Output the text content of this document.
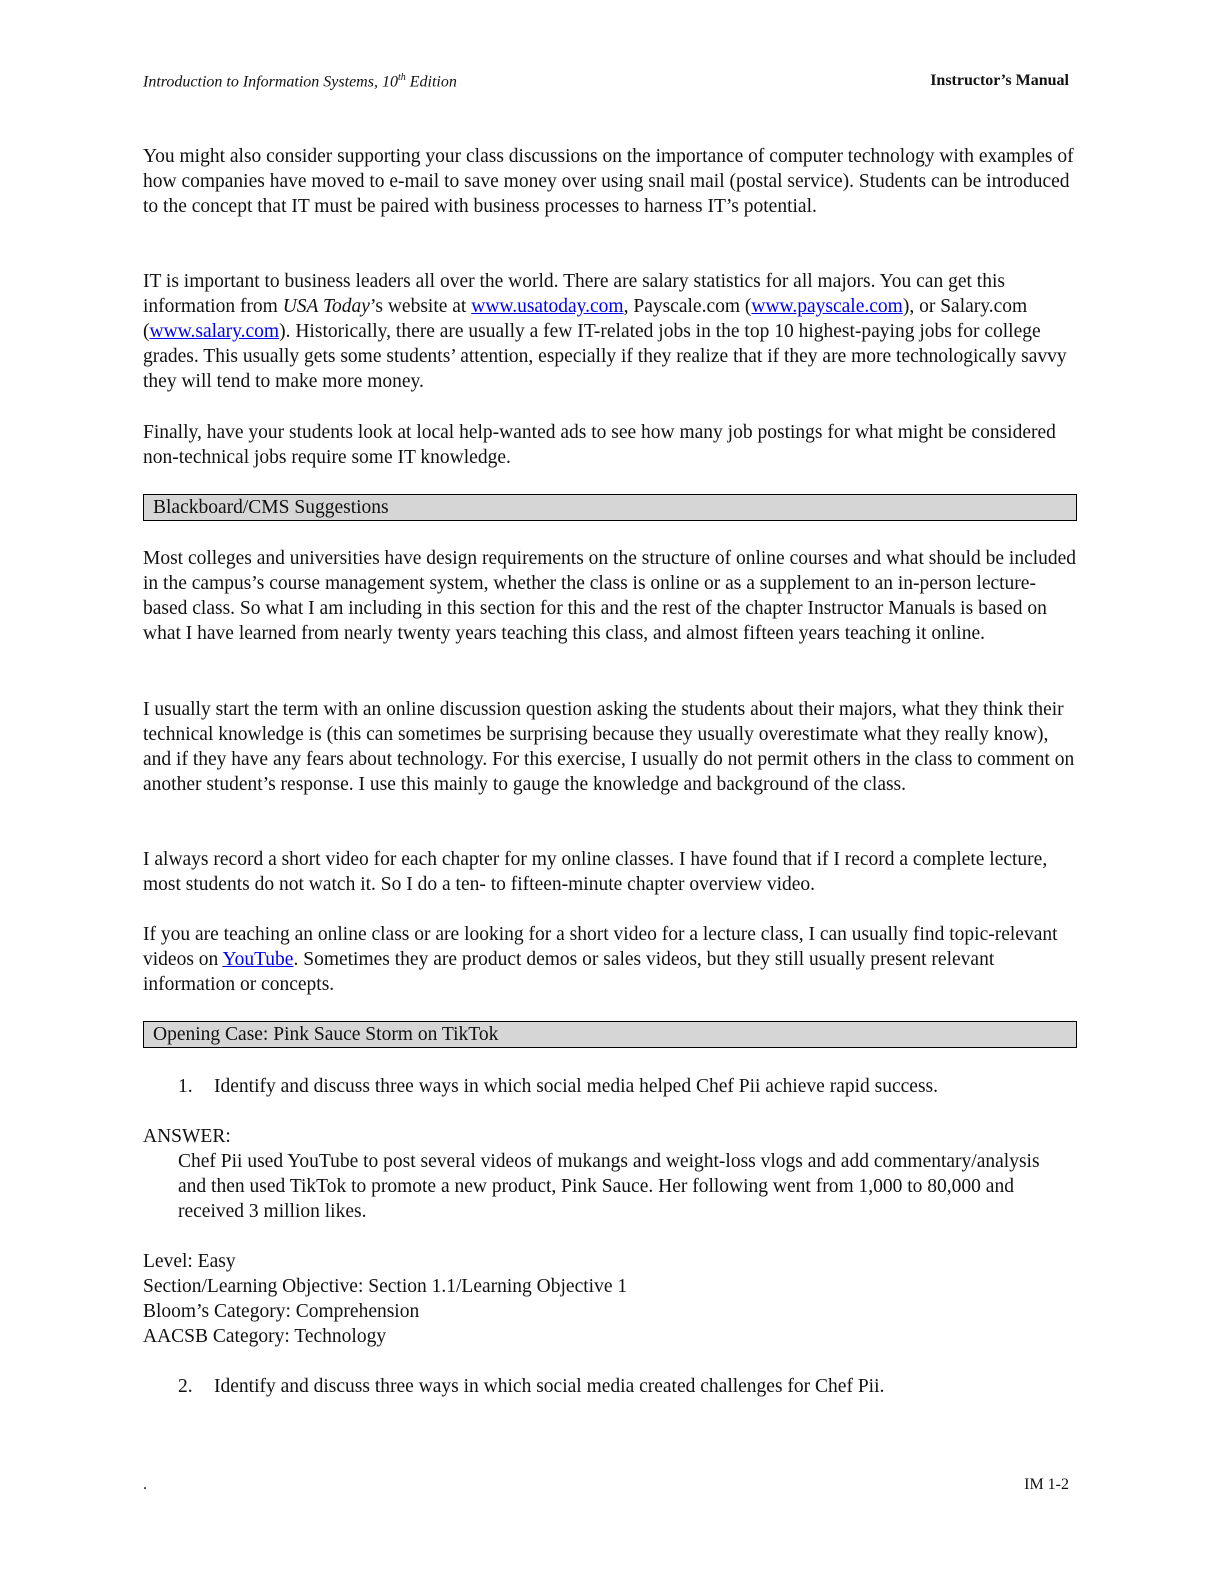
Introduction to Information Systems, 10th Edition	Instructor’s Manual

You might also consider supporting your class discussions on the importance of computer technology with examples of how companies have moved to e-mail to save money over using snail mail (postal service). Students can be introduced to the concept that IT must be paired with business processes to harness IT’s potential.

IT is important to business leaders all over the world. There are salary statistics for all majors. You can get this information from USA Today’s website at www.usatoday.com, Payscale.com (www.payscale.com), or Salary.com (www.salary.com). Historically, there are usually a few IT-related jobs in the top 10 highest-paying jobs for college grades. This usually gets some students’ attention, especially if they realize that if they are more technologically savvy they will tend to make more money.

Finally, have your students look at local help-wanted ads to see how many job postings for what might be considered non-technical jobs require some IT knowledge.

Blackboard/CMS Suggestions

Most colleges and universities have design requirements on the structure of online courses and what should be included in the campus’s course management system, whether the class is online or as a supplement to an in-person lecture-based class. So what I am including in this section for this and the rest of the chapter Instructor Manuals is based on what I have learned from nearly twenty years teaching this class, and almost fifteen years teaching it online.

I usually start the term with an online discussion question asking the students about their majors, what they think their technical knowledge is (this can sometimes be surprising because they usually overestimate what they really know), and if they have any fears about technology. For this exercise, I usually do not permit others in the class to comment on another student’s response. I use this mainly to gauge the knowledge and background of the class.

I always record a short video for each chapter for my online classes. I have found that if I record a complete lecture, most students do not watch it. So I do a ten- to fifteen-minute chapter overview video.

If you are teaching an online class or are looking for a short video for a lecture class, I can usually find topic-relevant videos on YouTube. Sometimes they are product demos or sales videos, but they still usually present relevant information or concepts.

Opening Case: Pink Sauce Storm on TikTok
1. Identify and discuss three ways in which social media helped Chef Pii achieve rapid success.
ANSWER:
Chef Pii used YouTube to post several videos of mukangs and weight-loss vlogs and add commentary/analysis and then used TikTok to promote a new product, Pink Sauce. Her following went from 1,000 to 80,000 and received 3 million likes.
Level: Easy
Section/Learning Objective: Section 1.1/Learning Objective 1
Bloom’s Category: Comprehension
AACSB Category: Technology
2. Identify and discuss three ways in which social media created challenges for Chef Pii.
.	IM 1-2
